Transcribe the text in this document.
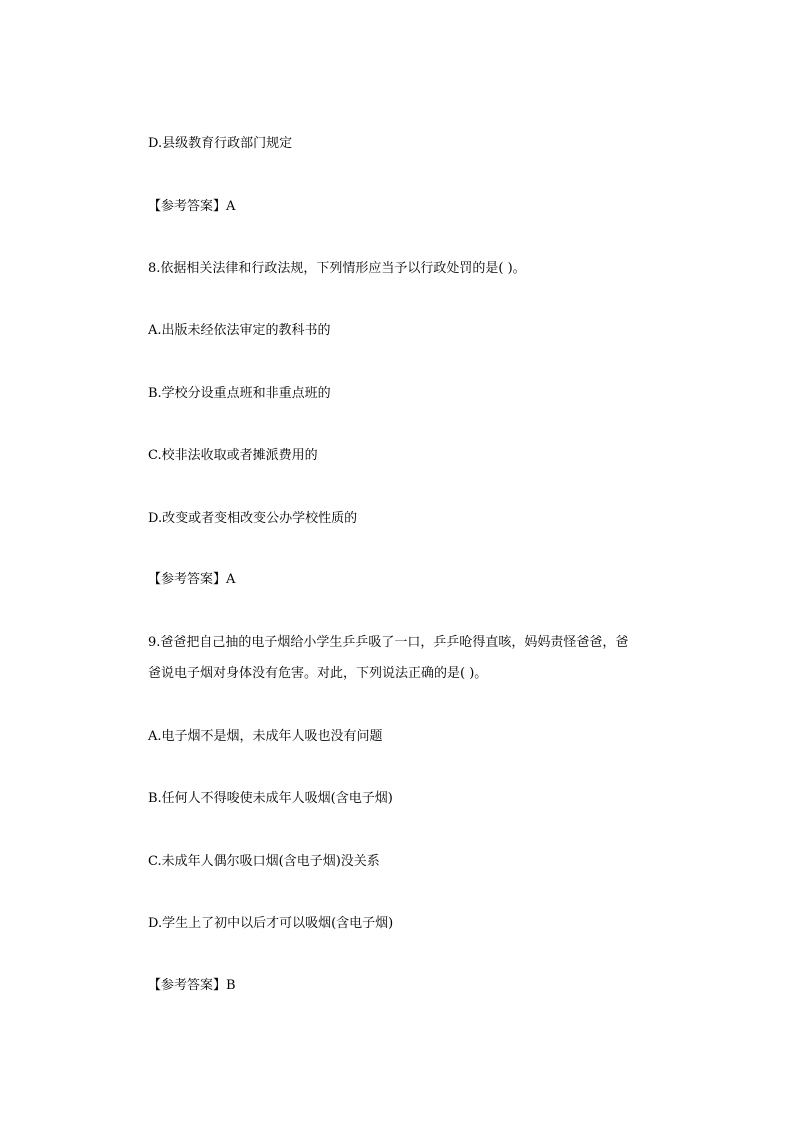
D.县级教育行政部门规定
【参考答案】A
8.依据相关法律和行政法规，下列情形应当予以行政处罚的是( )。
A.出版未经依法审定的教科书的
B.学校分设重点班和非重点班的
C.校非法收取或者摊派费用的
D.改变或者变相改变公办学校性质的
【参考答案】A
9.爸爸把自己抽的电子烟给小学生乒乒吸了一口，乒乒呛得直咳，妈妈责怪爸爸，爸
爸说电子烟对身体没有危害。对此，下列说法正确的是( )。
A.电子烟不是烟，未成年人吸也没有问题
B.任何人不得唆使未成年人吸烟(含电子烟)
C.未成年人偶尔吸口烟(含电子烟)没关系
D.学生上了初中以后才可以吸烟(含电子烟)
【参考答案】B
